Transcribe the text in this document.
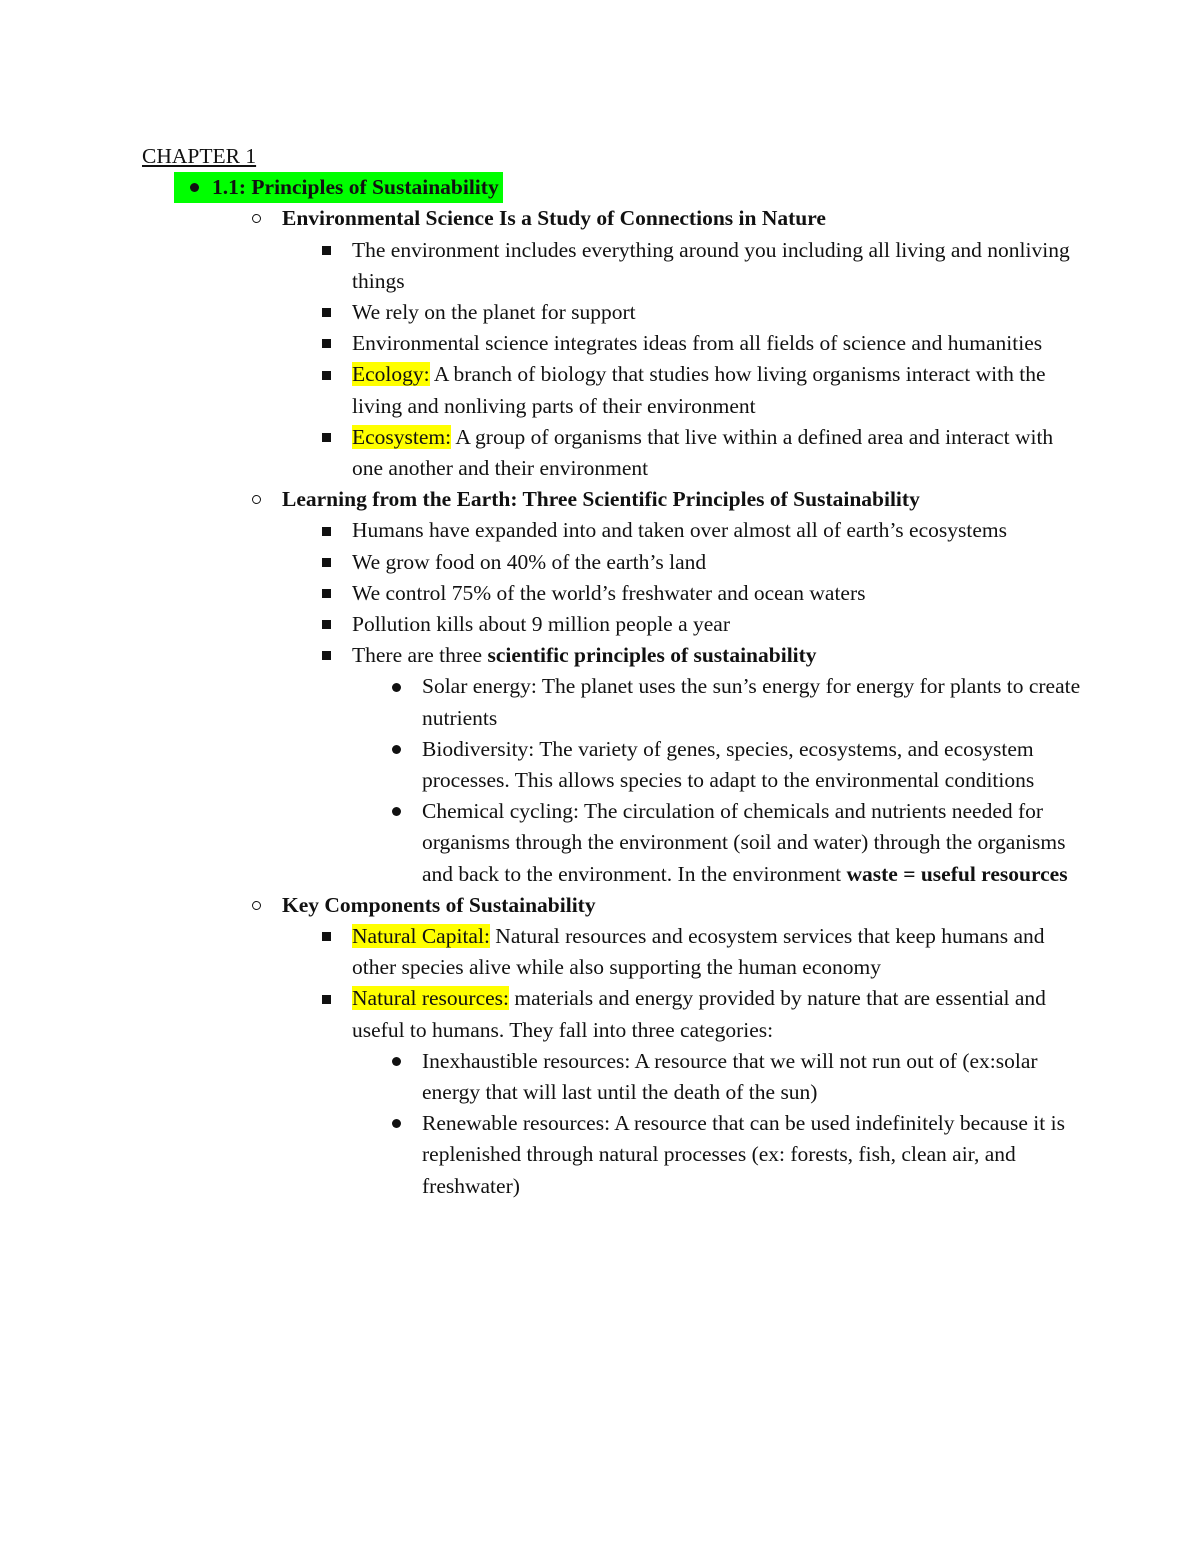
CHAPTER 1
1.1: Principles of Sustainability
Environmental Science Is a Study of Connections in Nature
The environment includes everything around you including all living and nonliving things
We rely on the planet for support
Environmental science integrates ideas from all fields of science and humanities
Ecology: A branch of biology that studies how living organisms interact with the living and nonliving parts of their environment
Ecosystem: A group of organisms that live within a defined area and interact with one another and their environment
Learning from the Earth: Three Scientific Principles of Sustainability
Humans have expanded into and taken over almost all of earth’s ecosystems
We grow food on 40% of the earth’s land
We control 75% of the world’s freshwater and ocean waters
Pollution kills about 9 million people a year
There are three scientific principles of sustainability
Solar energy: The planet uses the sun’s energy for energy for plants to create nutrients
Biodiversity: The variety of genes, species, ecosystems, and ecosystem processes. This allows species to adapt to the environmental conditions
Chemical cycling: The circulation of chemicals and nutrients needed for organisms through the environment (soil and water) through the organisms and back to the environment. In the environment waste = useful resources
Key Components of Sustainability
Natural Capital: Natural resources and ecosystem services that keep humans and other species alive while also supporting the human economy
Natural resources: materials and energy provided by nature that are essential and useful to humans. They fall into three categories:
Inexhaustible resources: A resource that we will not run out of (ex:solar energy that will last until the death of the sun)
Renewable resources: A resource that can be used indefinitely because it is replenished through natural processes (ex: forests, fish, clean air, and freshwater)
